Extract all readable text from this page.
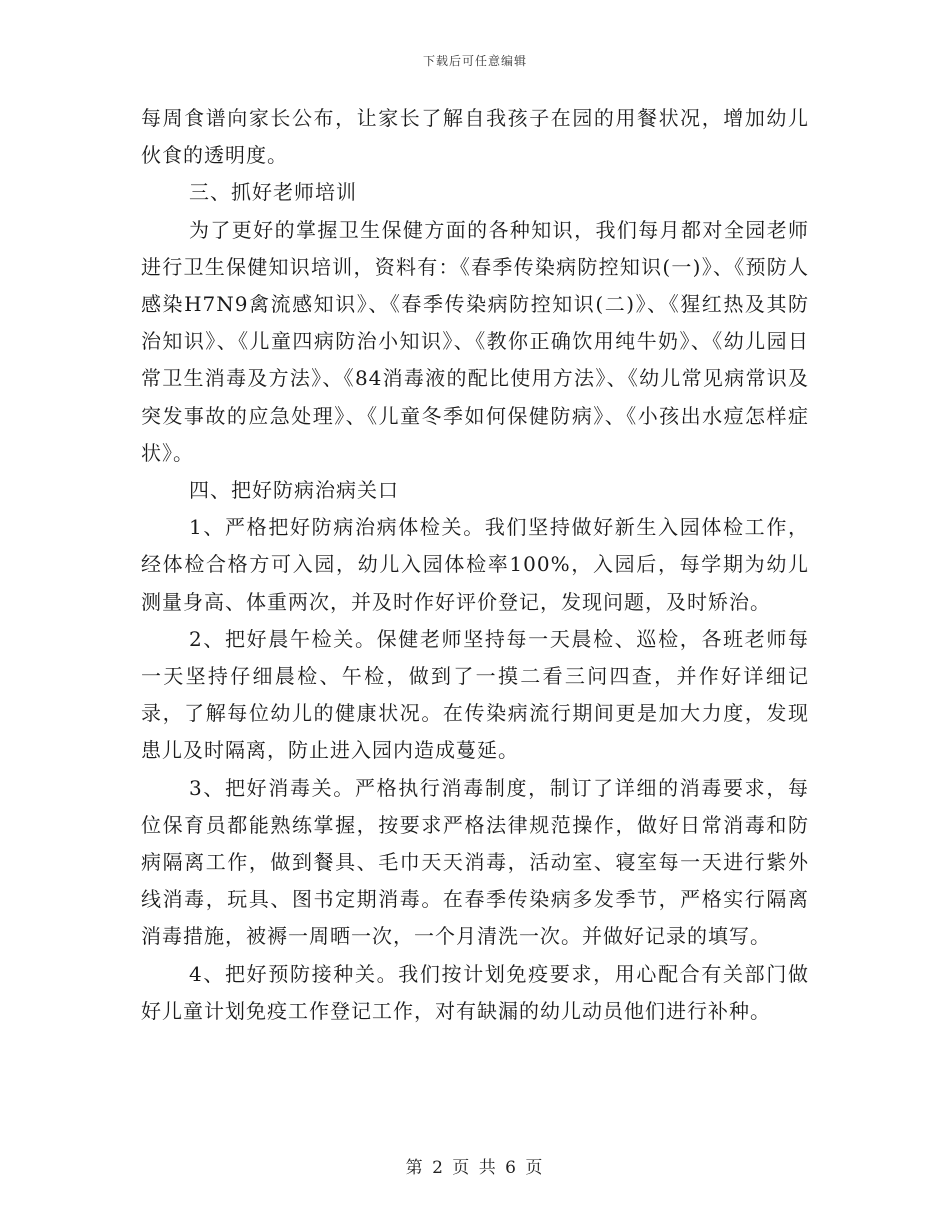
下载后可任意编辑

每周食谱向家长公布，让家长了解自我孩子在园的用餐状况，增加幼儿伙食的透明度。

三、抓好老师培训

为了更好的掌握卫生保健方面的各种知识，我们每月都对全园老师进行卫生保健知识培训，资料有：《春季传染病防控知识(一)》、《预防人感染H7N9禽流感知识》、《春季传染病防控知识(二)》、《猩红热及其防治知识》、《儿童四病防治小知识》、《教你正确饮用纯牛奶》、《幼儿园日常卫生消毒及方法》、《84消毒液的配比使用方法》、《幼儿常见病常识及突发事故的应急处理》、《儿童冬季如何保健防病》、《小孩出水痘怎样症状》。

四、把好防病治病关口

1、严格把好防病治病体检关。我们坚持做好新生入园体检工作，经体检合格方可入园，幼儿入园体检率100%，入园后，每学期为幼儿测量身高、体重两次，并及时作好评价登记，发现问题，及时矫治。

2、把好晨午检关。保健老师坚持每一天晨检、巡检，各班老师每一天坚持仔细晨检、午检，做到了一摸二看三问四查，并作好详细记录，了解每位幼儿的健康状况。在传染病流行期间更是加大力度，发现患儿及时隔离，防止进入园内造成蔓延。

3、把好消毒关。严格执行消毒制度，制订了详细的消毒要求，每位保育员都能熟练掌握，按要求严格法律规范操作，做好日常消毒和防病隔离工作，做到餐具、毛巾天天消毒，活动室、寝室每一天进行紫外线消毒，玩具、图书定期消毒。在春季传染病多发季节，严格实行隔离消毒措施，被褥一周晒一次，一个月清洗一次。并做好记录的填写。

4、把好预防接种关。我们按计划免疫要求，用心配合有关部门做好儿童计划免疫工作登记工作，对有缺漏的幼儿动员他们进行补种。

第 2 页 共 6 页
